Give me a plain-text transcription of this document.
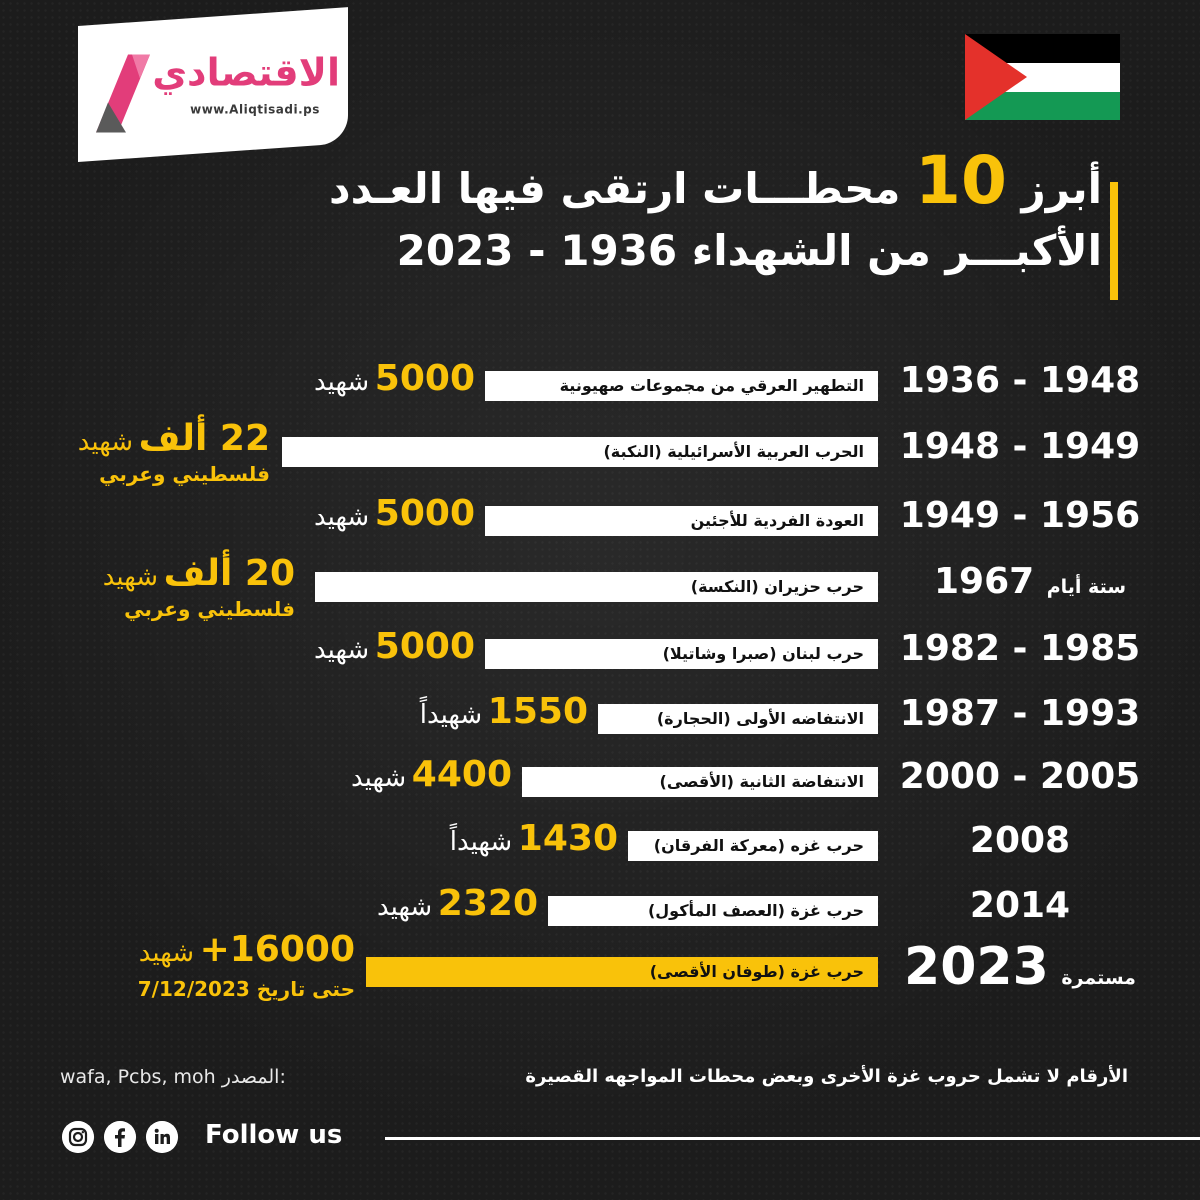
الاقتصادي
www.Aliqtisadi.ps
أبرز 10 محطـــات ارتقى فيها العـدد
الأكبـــر من الشهداء 1936 - 2023
1936 - 1948
التطهير العرقي من مجموعات صهيونية
5000 شهيد
1948 - 1949
الحرب العربية الأسرائيلية (النكبة)
22 ألف شهيد
فلسطيني وعربي
1949 - 1956
العودة الفردية للأجئين
5000 شهيد
ستة أيام 1967
حرب حزيران (النكسة)
20 ألف شهيد
فلسطيني وعربي
1982 - 1985
حرب لبنان (صبرا وشاتيلا)
5000 شهيد
1987 - 1993
الانتفاضه الأولى (الحجارة)
1550 شهيداً
2000 - 2005
الانتفاضة الثانية (الأقصى)
4400 شهيد
2008
حرب غزه (معركة الفرقان)
1430 شهيداً
2014
حرب غزة (العصف المأكول)
2320 شهيد
مستمرة 2023
حرب غزة (طوفان الأقصى)
16000+ شهيد
حتى تاريخ 7/12/2023
wafa, Pcbs, moh المصدر:	الأرقام لا تشمل حروب غزة الأخرى وبعض محطات المواجهه القصيرة
Follow us
